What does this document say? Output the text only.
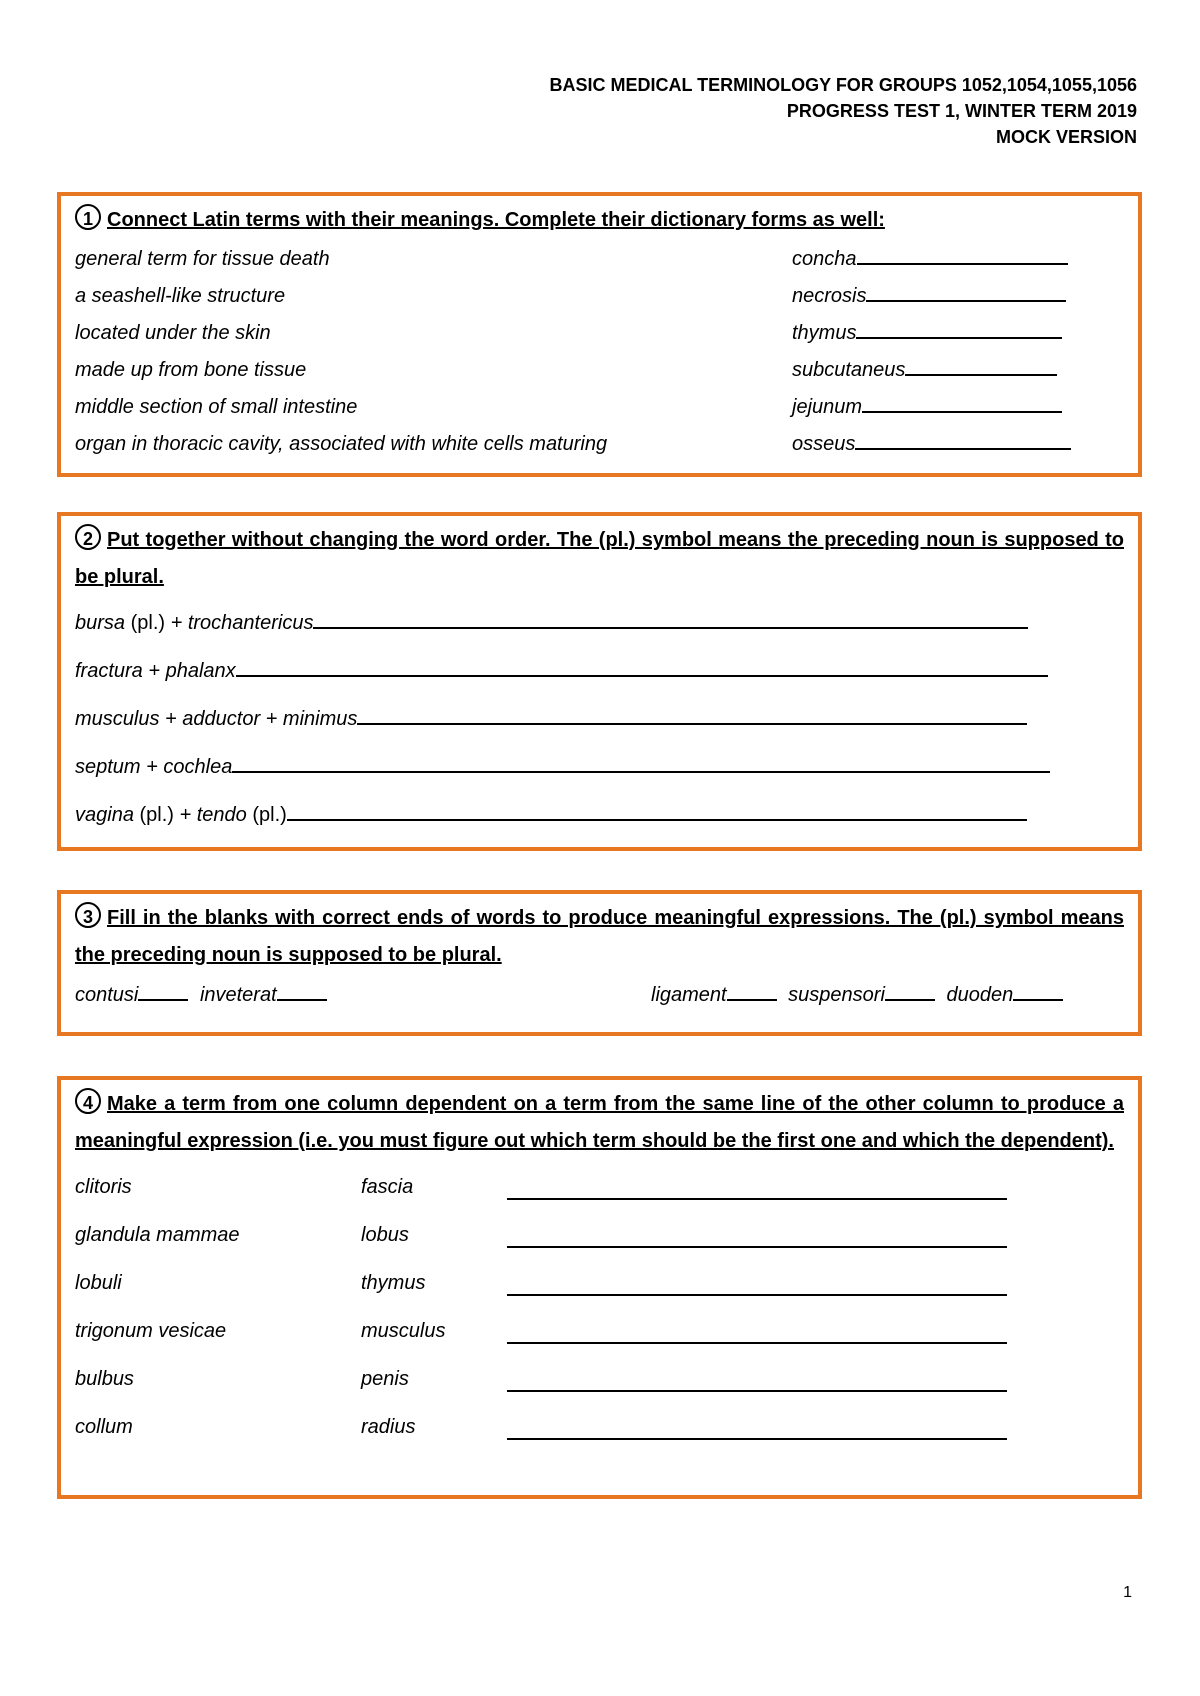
BASIC MEDICAL TERMINOLOGY FOR GROUPS 1052,1054,1055,1056
PROGRESS TEST 1, WINTER TERM 2019
MOCK VERSION
1 Connect Latin terms with their meanings. Complete their dictionary forms as well:
general term for tissue death	concha
a seashell-like structure	necrosis
located under the skin	thymus
made up from bone tissue	subcutaneus
middle section of small intestine	jejunum
organ in thoracic cavity, associated with white cells maturing	osseus
2 Put together without changing the word order. The (pl.) symbol means the preceding noun is supposed to be plural.
bursa (pl.) + trochantericus
fractura + phalanx
musculus + adductor + minimus
septum + cochlea
vagina (pl.) + tendo (pl.)
3 Fill in the blanks with correct ends of words to produce meaningful expressions. The (pl.) symbol means the preceding noun is supposed to be plural.
contusi	inveterat	ligament	suspensori	duoden
4 Make a term from one column dependent on a term from the same line of the other column to produce a meaningful expression (i.e. you must figure out which term should be the first one and which the dependent).
clitoris	fascia
glandula mammae	lobus
lobuli	thymus
trigonum vesicae	musculus
bulbus	penis
collum	radius
1
